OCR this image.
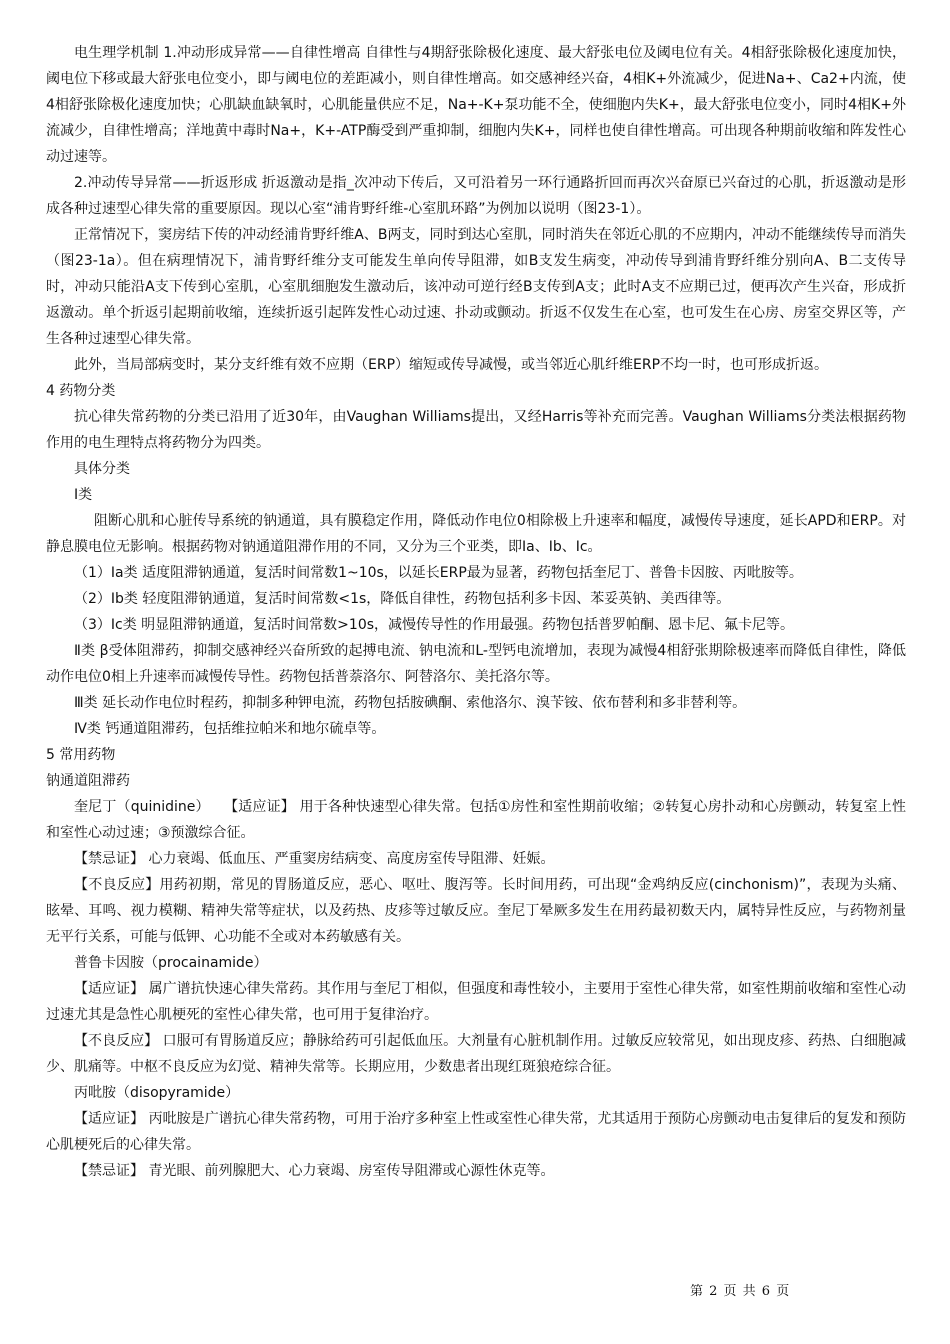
电生理学机制 1.冲动形成异常——自律性增高 自律性与4期舒张除极化速度、最大舒张电位及阈电位有关。4相舒张除极化速度加快，阈电位下移或最大舒张电位变小，即与阈电位的差距减小，则自律性增高。如交感神经兴奋，4相K+外流减少，促进Na+、Ca2+内流，使4相舒张除极化速度加快；心肌缺血缺氧时，心肌能量供应不足，Na+-K+泵功能不全，使细胞内失K+，最大舒张电位变小，同时4相K+外流减少，自律性增高；洋地黄中毒时Na+，K+-ATP酶受到严重抑制，细胞内失K+，同样也使自律性增高。可出现各种期前收缩和阵发性心动过速等。

2.冲动传导异常——折返形成 折返激动是指_次冲动下传后，又可沿着另一环行通路折回而再次兴奋原已兴奋过的心肌，折返激动是形成各种过速型心律失常的重要原因。现以心室“浦肯野纤维-心室肌环路”为例加以说明（图23-1）。

正常情况下，窦房结下传的冲动经浦肯野纤维A、B两支，同时到达心室肌，同时消失在邻近心肌的不应期内，冲动不能继续传导而消失（图23-1a）。但在病理情况下，浦肯野纤维分支可能发生单向传导阻滞，如B支发生病变，冲动传导到浦肯野纤维分别向A、B二支传导时，冲动只能沿A支下传到心室肌，心室肌细胞发生激动后，该冲动可逆行经B支传到A支；此时A支不应期已过，便再次产生兴奋，形成折返激动。单个折返引起期前收缩，连续折返引起阵发性心动过速、扑动或颤动。折返不仅发生在心室，也可发生在心房、房室交界区等，产生各种过速型心律失常。

此外，当局部病变时，某分支纤维有效不应期（ERP）缩短或传导减慢，或当邻近心肌纤维ERP不均一时，也可形成折返。

4 药物分类

抗心律失常药物的分类已沿用了近30年，由Vaughan Williams提出，又经Harris等补充而完善。Vaughan Williams分类法根据药物作用的电生理特点将药物分为四类。

具体分类

Ⅰ类

阻断心肌和心脏传导系统的钠通道，具有膜稳定作用，降低动作电位0相除极上升速率和幅度，减慢传导速度，延长APD和ERP。对静息膜电位无影响。根据药物对钠通道阻滞作用的不同，又分为三个亚类，即Ⅰa、Ⅰb、Ⅰc。

（1）Ⅰa类 适度阻滞钠通道，复活时间常数1~10s，以延长ERP最为显著，药物包括奎尼丁、普鲁卡因胺、丙吡胺等。

（2）Ⅰb类 轻度阻滞钠通道，复活时间常数<1s，降低自律性，药物包括利多卡因、苯妥英钠、美西律等。

（3）Ⅰc类 明显阻滞钠通道，复活时间常数>10s，减慢传导性的作用最强。药物包括普罗帕酮、恩卡尼、氟卡尼等。

Ⅱ类 β受体阻滞药，抑制交感神经兴奋所致的起搏电流、钠电流和L-型钙电流增加，表现为减慢4相舒张期除极速率而降低自律性，降低动作电位0相上升速率而减慢传导性。药物包括普萘洛尔、阿替洛尔、美托洛尔等。

Ⅲ类 延长动作电位时程药，抑制多种钾电流，药物包括胺碘酮、索他洛尔、溴苄铵、依布替利和多非替利等。

Ⅳ类 钙通道阻滞药，包括维拉帕米和地尔硫卓等。

5 常用药物

钠通道阻滞药

奎尼丁（quinidine）　　【适应证】 用于各种快速型心律失常。包括①房性和室性期前收缩；②转复心房扑动和心房颤动，转复室上性和室性心动过速；③预激综合征。

【禁忌证】 心力衰竭、低血压、严重窦房结病变、高度房室传导阻滞、妊娠。

【不良反应】用药初期，常见的胃肠道反应，恶心、呕吐、腹泻等。长时间用药，可出现“金鸡纳反应(cinchonism)”，表现为头痛、眩晕、耳鸣、视力模糊、精神失常等症状，以及药热、皮疹等过敏反应。奎尼丁晕厥多发生在用药最初数天内，属特异性反应，与药物剂量无平行关系，可能与低钾、心功能不全或对本药敏感有关。

普鲁卡因胺（procainamide）

【适应证】 属广谱抗快速心律失常药。其作用与奎尼丁相似，但强度和毒性较小，主要用于室性心律失常，如室性期前收缩和室性心动过速尤其是急性心肌梗死的室性心律失常，也可用于复律治疗。

【不良反应】 口服可有胃肠道反应；静脉给药可引起低血压。大剂量有心脏机制作用。过敏反应较常见，如出现皮疹、药热、白细胞减少、肌痛等。中枢不良反应为幻觉、精神失常等。长期应用，少数患者出现红斑狼疮综合征。

丙吡胺（disopyramide）

【适应证】 丙吡胺是广谱抗心律失常药物，可用于治疗多种室上性或室性心律失常，尤其适用于预防心房颤动电击复律后的复发和预防心肌梗死后的心律失常。

【禁忌证】 青光眼、前列腺肥大、心力衰竭、房室传导阻滞或心源性休克等。

第 2 页 共 6 页
